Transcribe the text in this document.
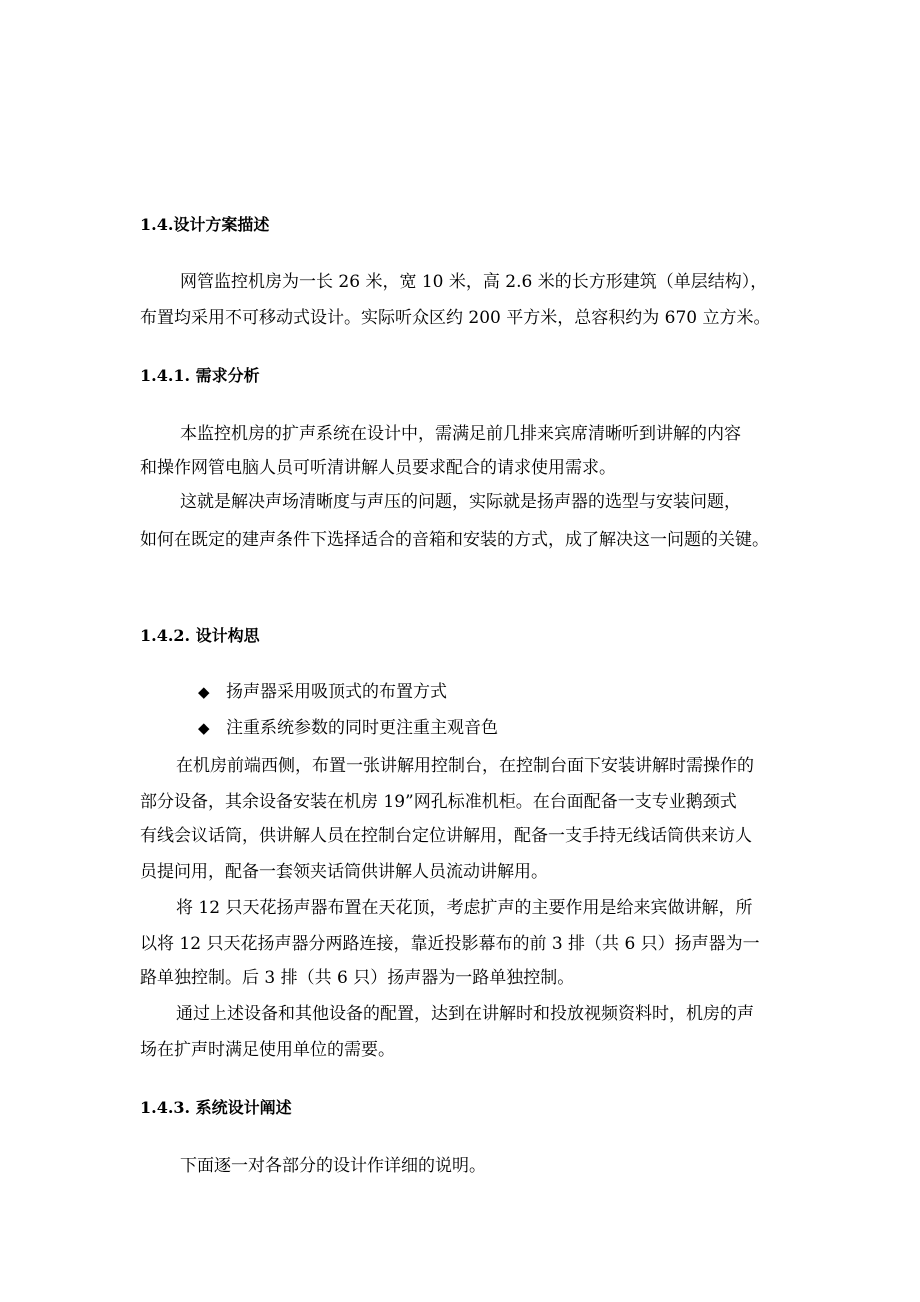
1.4.设计方案描述

网管监控机房为一长 26 米，宽 10 米，高 2.6 米的长方形建筑（单层结构），

布置均采用不可移动式设计。实际听众区约 200 平方米，总容积约为 670 立方米。

1.4.1. 需求分析

本监控机房的扩声系统在设计中，需满足前几排来宾席清晰听到讲解的内容

和操作网管电脑人员可听清讲解人员要求配合的请求使用需求。

这就是解决声场清晰度与声压的问题，实际就是扬声器的选型与安装问题，

如何在既定的建声条件下选择适合的音箱和安装的方式，成了解决这一问题的关键。

1.4.2. 设计构思

◆ 扬声器采用吸顶式的布置方式

◆ 注重系统参数的同时更注重主观音色

在机房前端西侧，布置一张讲解用控制台，在控制台面下安装讲解时需操作的

部分设备，其余设备安装在机房 19”网孔标准机柜。在台面配备一支专业鹅颈式

有线会议话筒，供讲解人员在控制台定位讲解用，配备一支手持无线话筒供来访人

员提问用，配备一套领夹话筒供讲解人员流动讲解用。

将 12 只天花扬声器布置在天花顶，考虑扩声的主要作用是给来宾做讲解，所

以将 12 只天花扬声器分两路连接，靠近投影幕布的前 3 排（共 6 只）扬声器为一

路单独控制。后 3 排（共 6 只）扬声器为一路单独控制。

通过上述设备和其他设备的配置，达到在讲解时和投放视频资料时，机房的声

场在扩声时满足使用单位的需要。

1.4.3. 系统设计阐述

下面逐一对各部分的设计作详细的说明。
